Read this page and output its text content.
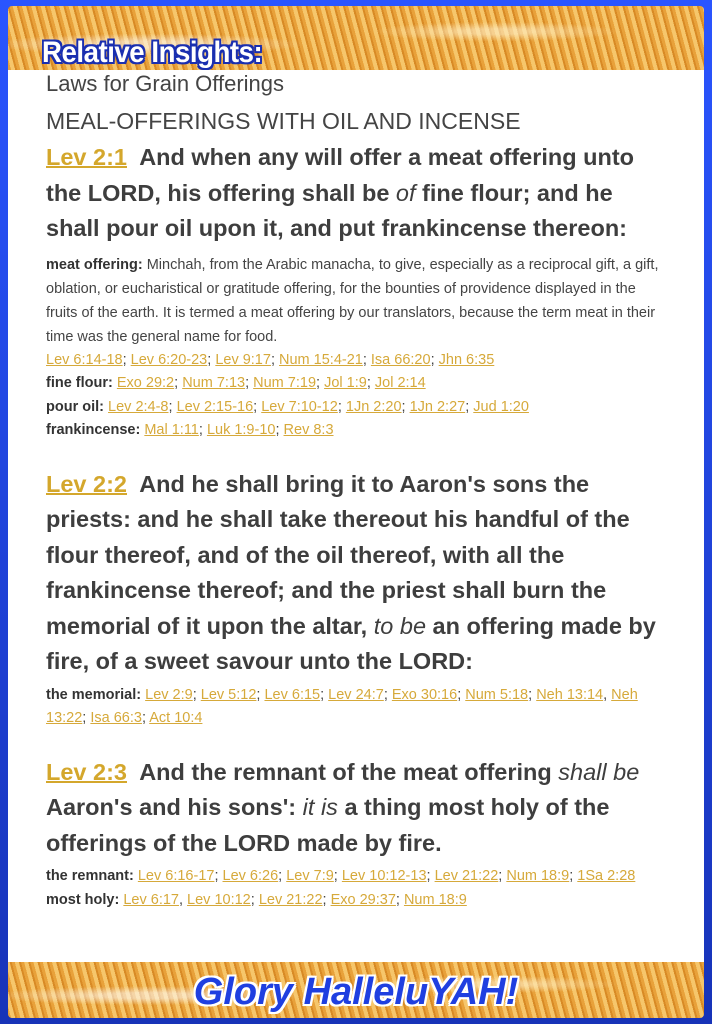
Laws for Grain Offerings

MEAL-OFFERINGS WITH OIL AND INCENSE

Lev 2:1 And when any will offer a meat offering unto the LORD, his offering shall be of fine flour; and he shall pour oil upon it, and put frankincense thereon:

meat offering: Minchah, from the Arabic manacha, to give, especially as a reciprocal gift, a gift, oblation, or eucharistical or gratitude offering, for the bounties of providence displayed in the fruits of the earth. It is termed a meat offering by our translators, because the term meat in their time was the general name for food.

Lev 6:14-18; Lev 6:20-23; Lev 9:17; Num 15:4-21; Isa 66:20; Jhn 6:35

fine flour: Exo 29:2; Num 7:13; Num 7:19; Jol 1:9; Jol 2:14

pour oil: Lev 2:4-8; Lev 2:15-16; Lev 7:10-12; 1Jn 2:20; 1Jn 2:27; Jud 1:20

frankincense: Mal 1:11; Luk 1:9-10; Rev 8:3

Lev 2:2 And he shall bring it to Aaron's sons the priests: and he shall take thereout his handful of the flour thereof, and of the oil thereof, with all the frankincense thereof; and the priest shall burn the memorial of it upon the altar, to be an offering made by fire, of a sweet savour unto the LORD:

the memorial: Lev 2:9; Lev 5:12; Lev 6:15; Lev 24:7; Exo 30:16; Num 5:18; Neh 13:14, Neh 13:22; Isa 66:3; Act 10:4

Lev 2:3 And the remnant of the meat offering shall be Aaron's and his sons': it is a thing most holy of the offerings of the LORD made by fire.

the remnant: Lev 6:16-17; Lev 6:26; Lev 7:9; Lev 10:12-13; Lev 21:22; Num 18:9; 1Sa 2:28

most holy: Lev 6:17, Lev 10:12; Lev 21:22; Exo 29:37; Num 18:9

Relative Insights:

Glory HalleluYAH!
